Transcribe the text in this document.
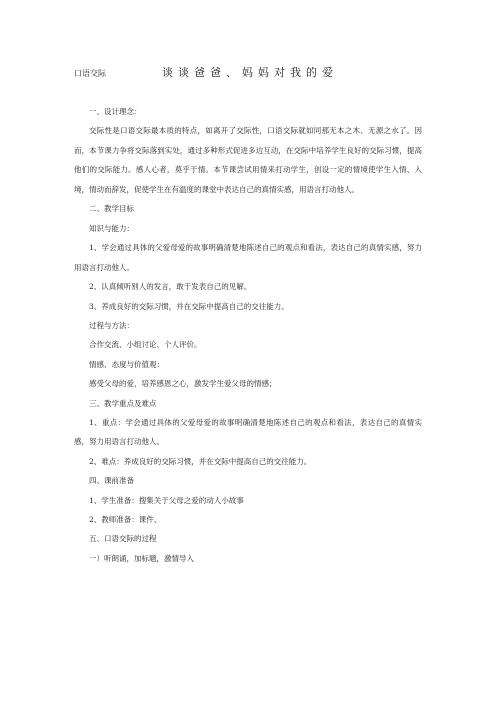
口语交际	谈谈爸爸、妈妈对我的爱

一、设计理念：

交际性是口语交际最本质的特点，如离开了交际性，口语交际就如同那无本之木、无源之水了。因而，本节课力争将交际落到实处，通过多种形式促进多边互动，在交际中培养学生良好的交际习惯，提高他们的交际能力。感人心者，莫乎于情。本节课尝试用情来打动学生，创设一定的情境使学生入情、入境，情动而辞发，促使学生在有温度的课堂中表达自己的真情实感，用语言打动他人。

二、教学目标

知识与能力：

1、学会通过具体的父爱母爱的故事明确清楚地陈述自己的观点和看法，表达自己的真情实感，努力用语言打动他人。

2、认真倾听别人的发言，敢于发表自己的见解。

3、养成良好的交际习惯，并在交际中提高自己的交往能力。

过程与方法：

合作交流、小组讨论、个人评价。

情感、态度与价值观：

感受父母的爱，培养感恩之心，激发学生爱父母的情感；

三、教学重点及难点

1、重点：学会通过具体的父爱母爱的故事明确清楚地陈述自己的观点和看法，表达自己的真情实感，努力用语言打动他人。

2、难点：养成良好的交际习惯，并在交际中提高自己的交往能力。

四、课前准备

1、学生准备：搜集关于父母之爱的动人小故事

2、教师准备：课件、

五、口语交际的过程

一）听朗诵，加标题，激情导入
